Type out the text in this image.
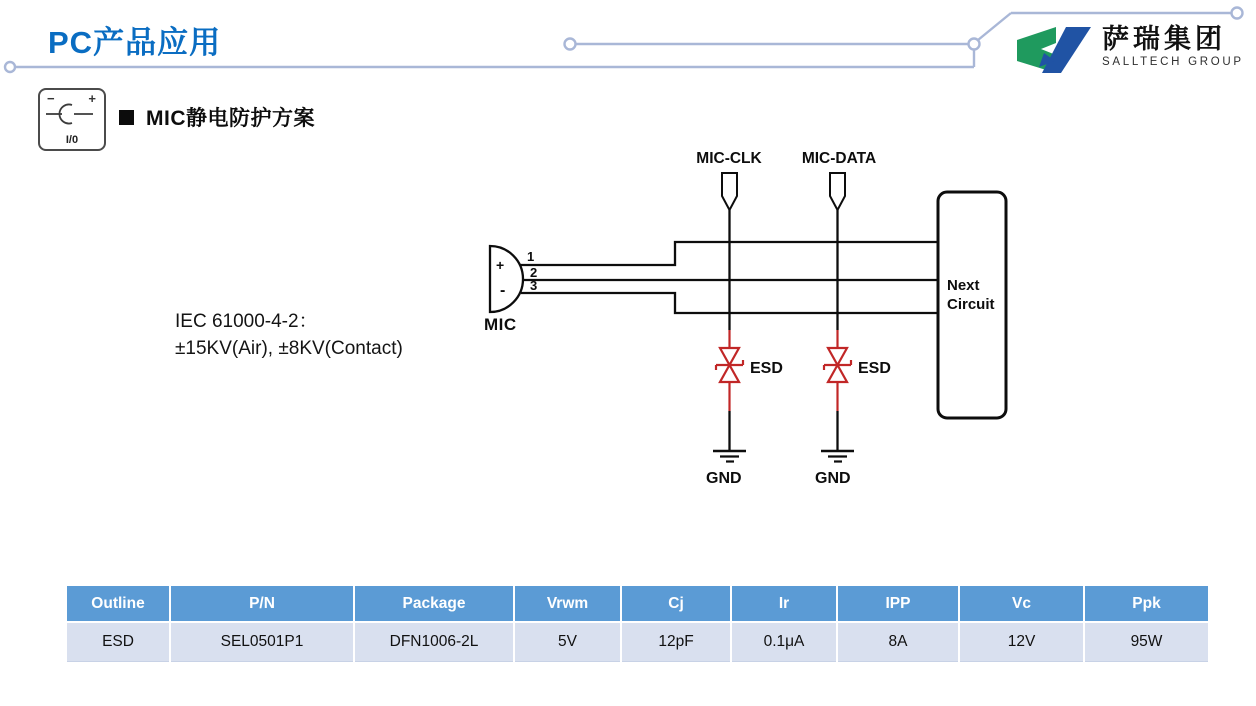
PC产品应用	萨瑞集团
SALLTECH GROUP
−	+
I/0
MIC静电防护方案
MIC-CLK	MIC-DATA
1
2
3
+
-
MIC
ESD	ESD
GND	GND
Next
Circuit
IEC 61000-4-2：
±15KV(Air), ±8KV(Contact)
Outline	P/N	Package	Vrwm	Cj	Ir	IPP	Vc	Ppk
ESD	SEL0501P1	DFN1006-2L	5V	12pF	0.1μA	8A	12V	95W
